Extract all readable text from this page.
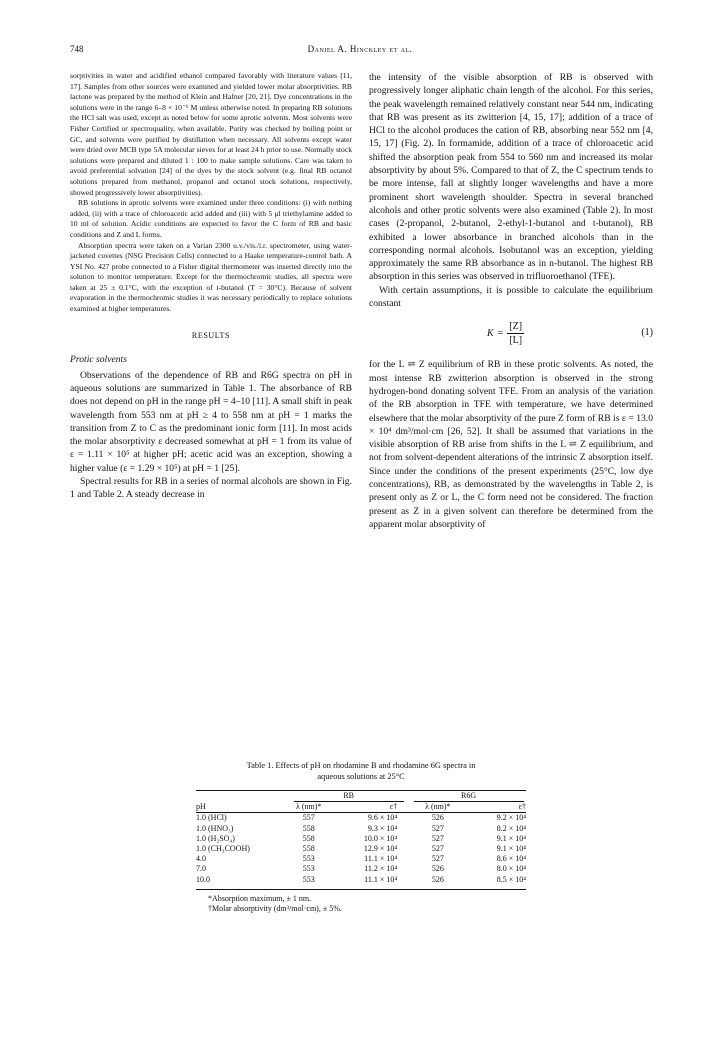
748	Daniel A. Hinckley et al.

sorptivities in water and acidified ethanol compared favorably with literature values [11, 17]. Samples from other sources were examined and yielded lower molar absorptivities. RB lactone was prepared by the method of Klein and Hafner [20, 21]. Dye concentrations in the solutions were in the range 6–8 × 10⁻⁶ M unless otherwise noted. In preparing RB solutions the HCl salt was used, except as noted below for some aprotic solvents. Most solvents were Fisher Certified or spectroquality, when available. Purity was checked by boiling point or GC, and solvents were purified by distillation when necessary. All solvents except water were dried over MCB type 5A molecular sieves for at least 24 h prior to use. Normally stock solutions were prepared and diluted 1 : 100 to make sample solutions. Care was taken to avoid preferential solvation [24] of the dyes by the stock solvent (e.g. final RB octanol solutions prepared from methanol, propanol and octanol stock solutions, respectively, showed progressively lower absorptivities).

RB solutions in aprotic solvents were examined under three conditions: (i) with nothing added, (ii) with a trace of chloroacetic acid added and (iii) with 5 μl triethylamine added to 10 ml of solution. Acidic conditions are expected to favor the C form of RB and basic conditions and Z and L forms.

Absorption spectra were taken on a Varian 2300 u.v./vis./i.r. spectrometer, using water-jacketed cuvettes (NSG Precision Cells) connected to a Haake temperature-control bath. A YSI No. 427 probe connected to a Fisher digital thermometer was inserted directly into the solution to monitor temperature. Except for the thermochromic studies, all spectra were taken at 25 ± 0.1°C, with the exception of t-butanol (T = 30°C). Because of solvent evaporation in the thermochromic studies it was necessary periodically to replace solutions examined at higher temperatures.

RESULTS
Protic solvents

Observations of the dependence of RB and R6G spectra on pH in aqueous solutions are summarized in Table 1. The absorbance of RB does not depend on pH in the range pH = 4–10 [11]. A small shift in peak wavelength from 553 nm at pH ≥ 4 to 558 nm at pH = 1 marks the transition from Z to C as the predominant ionic form [11]. In most acids the molar absorptivity ε decreased somewhat at pH = 1 from its value of ε = 1.11 × 10⁵ at higher pH; acetic acid was an exception, showing a higher value (ε = 1.29 × 10⁵) at pH = 1 [25].

Spectral results for RB in a series of normal alcohols are shown in Fig. 1 and Table 2. A steady decrease in

the intensity of the visible absorption of RB is observed with progressively longer aliphatic chain length of the alcohol. For this series, the peak wavelength remained relatively constant near 544 nm, indicating that RB was present as its zwitterion [4, 15, 17]; addition of a trace of HCl to the alcohol produces the cation of RB, absorbing near 552 nm [4, 15, 17] (Fig. 2). In formamide, addition of a trace of chloroacetic acid shifted the absorption peak from 554 to 560 nm and increased its molar absorptivity by about 5%. Compared to that of Z, the C spectrum tends to be more intense, fall at slightly longer wavelengths and have a more prominent short wavelength shoulder. Spectra in several branched alcohols and other protic solvents were also examined (Table 2). In most cases (2-propanol, 2-butanol, 2-ethyl-1-butanol and t-butanol), RB exhibited a lower absorbance in branched alcohols than in the corresponding normal alcohols. Isobutanol was an exception, yielding approximately the same RB absorbance as in n-butanol. The highest RB absorption in this series was observed in trifluoroethanol (TFE).

With certain assumptions, it is possible to calculate the equilibrium constant

$K = \frac{[Z]}{[L]}$	(1)

for the L ⇌ Z equilibrium of RB in these protic solvents. As noted, the most intense RB zwitterion absorption is observed in the strong hydrogen-bond donating solvent TFE. From an analysis of the variation of the RB absorption in TFE with temperature, we have determined elsewhere that the molar absorptivity of the pure Z form of RB is ε = 13.0 × 10⁴ dm³/mol·cm [26, 52]. It shall be assumed that variations in the visible absorption of RB arise from shifts in the L ⇌ Z equilibrium, and not from solvent-dependent alterations of the intrinsic Z absorption itself. Since under the conditions of the present experiments (25°C, low dye concentrations), RB, as demonstrated by the wavelengths in Table 2, is present only as Z or L, the C form need not be considered. The fraction present as Z in a given solvent can therefore be determined from the apparent molar absorptivity of

Table 1. Effects of pH on rhodamine B and rhodamine 6G spectra in
aqueous solutions at 25°C
	RB		R6G	
pH	λ (nm)*	ε†	λ (nm)*	ε†

1.0 (HCl)	557	9.6 × 10⁴	526	9.2 × 10⁴
1.0 (HNO₃)	558	9.3 × 10⁴	527	8.2 × 10⁴
1.0 (H₂SO₄)	558	10.0 × 10⁴	527	9.1 × 10⁴
1.0 (CH₃COOH)	558	12.9 × 10⁴	527	9.1 × 10⁴
4.0	553	11.1 × 10⁴	527	8.6 × 10⁴
7.0	553	11.2 × 10⁴	526	8.0 × 10⁴
10.0	553	11.1 × 10⁴	526	8.5 × 10⁴
*Absorption maximum, ± 1 nm.
†Molar absorptivity (dm³/mol·cm), ± 5%.
